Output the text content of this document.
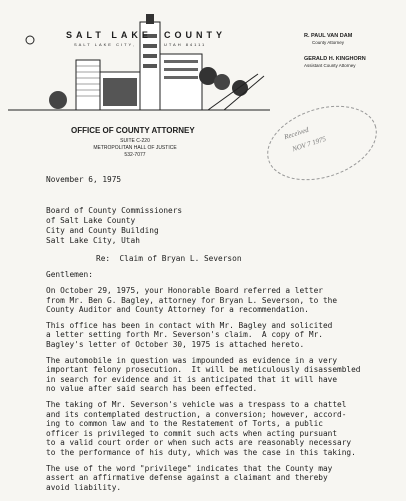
SALT LAKE COUNTY
SALT LAKE CITY,	UTAH 84111
R. PAUL VAN DAM
County Attorney
GERALD H. KINGHORN
Assistant County Attorney
OFFICE OF COUNTY ATTORNEY
SUITE C-220
METROPOLITAN HALL OF JUSTICE
532-7077
Received
NOV 7 1975
November 6, 1975
Board of County Commissioners
of Salt Lake County
City and County Building
Salt Lake City, Utah
Re:  Claim of Bryan L. Severson
Gentlemen:
On October 29, 1975, your Honorable Board referred a letter
from Mr. Ben G. Bagley, attorney for Bryan L. Severson, to the
County Auditor and County Attorney for a recommendation.
This office has been in contact with Mr. Bagley and solicited
a letter setting forth Mr. Severson's claim.  A copy of Mr.
Bagley's letter of October 30, 1975 is attached hereto.
The automobile in question was impounded as evidence in a very
important felony prosecution.  It will be meticulously disassembled
in search for evidence and it is anticipated that it will have
no value after said search has been effected.
The taking of Mr. Severson's vehicle was a trespass to a chattel
and its contemplated destruction, a conversion; however, accord-
ing to common law and to the Restatement of Torts, a public
officer is privileged to commit such acts when acting pursuant
to a valid court order or when such acts are reasonably necessary
to the performance of his duty, which was the case in this taking.
The use of the word "privilege" indicates that the County may
assert an affirmative defense against a claimant and thereby
avoid liability.
